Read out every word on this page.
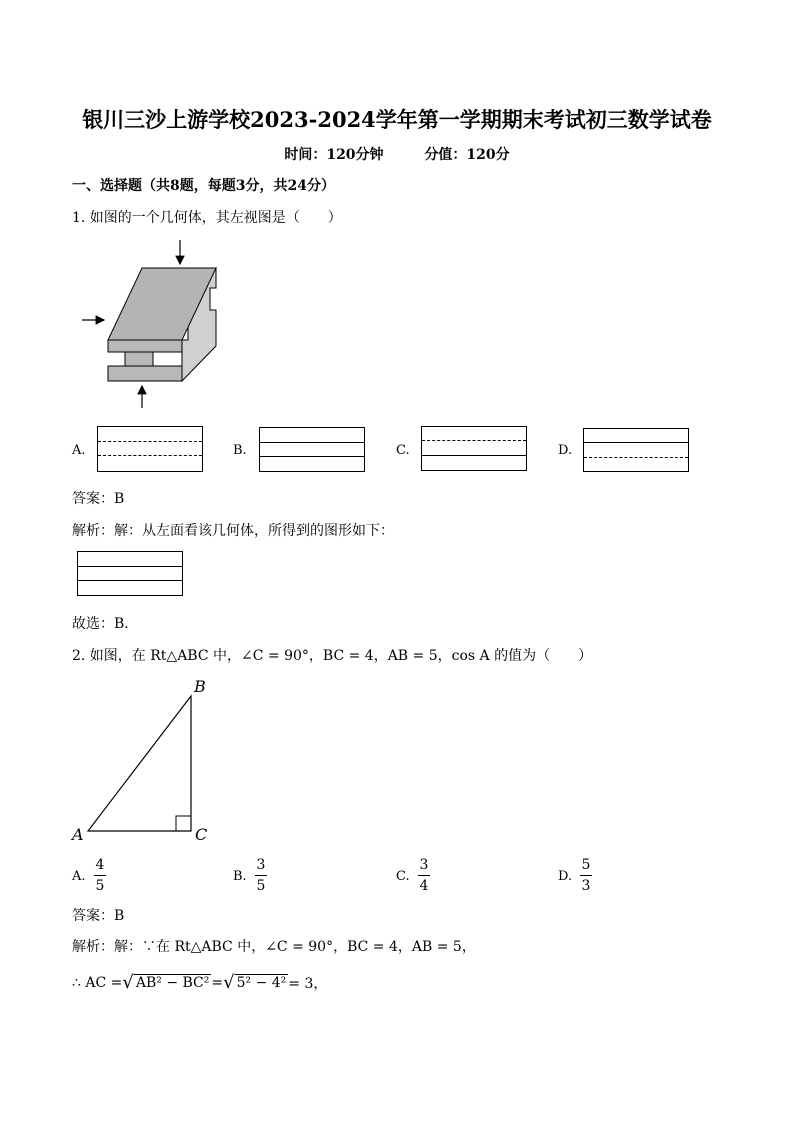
银川三沙上游学校2023-2024学年第一学期期末考试初三数学试卷
时间：120分钟	分值：120分
一、选择题（共8题，每题3分，共24分）
1. 如图的一个几何体，其左视图是（　　）
A.	B.	C.	D.
答案：B
解析：解：从左面看该几何体，所得到的图形如下：
故选：B．
2. 如图，在 Rt△ABC 中，∠C = 90°，BC = 4，AB = 5，cos A 的值为（　　）
B
A	C
A.
4
5
B.
3
5
C.
3
4
D.
5
3
答案：B
解析：解：∵在 Rt△ABC 中，∠C = 90°，BC = 4，AB = 5，
∴ AC = √ AB² − BC² = √ 5² − 4² = 3，
